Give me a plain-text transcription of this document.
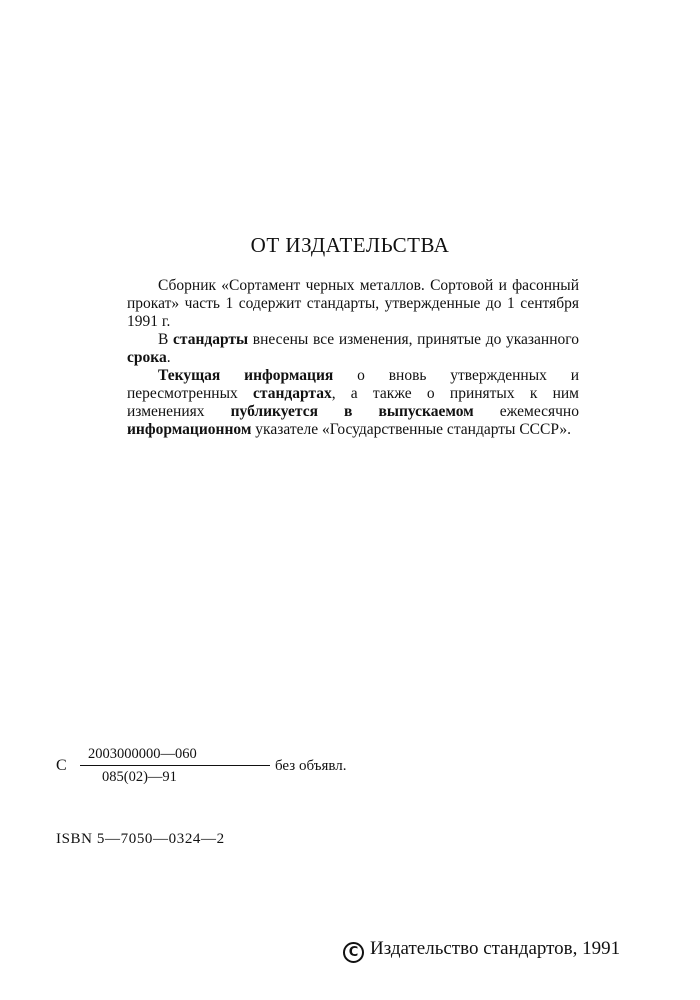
ОТ ИЗДАТЕЛЬСТВА

Сборник «Сортамент черных металлов. Сортовой и фасонный прокат» часть 1 содержит стандарты, утвержденные до 1 сентября 1991 г.

В стандарты внесены все изменения, принятые до указанного срока.

Текущая информация о вновь утвержденных и пересмотренных стандартах, а также о принятых к ним изменениях публикуется в выпускаемом ежемесячно информационном указателе «Государственные стандарты СССР».

С
2003000000—060
085(02)—91
без объявл.
ISBN 5—7050—0324—2
C Издательство стандартов, 1991
